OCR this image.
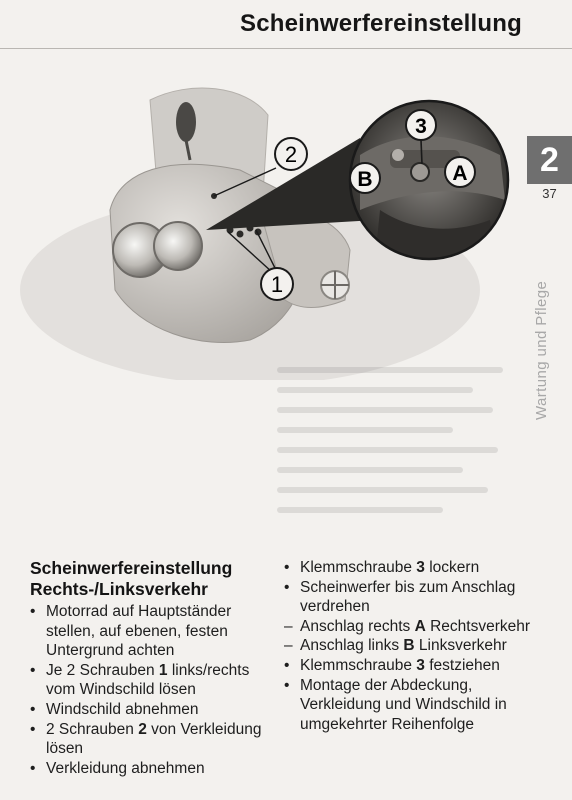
Scheinwerfereinstellung
2
1
3
A
B
2
37
Wartung und Pflege
Scheinwerfereinstellung
Rechts-/Linksverkehr
• Motorrad auf Hauptständer stellen, auf ebenen, festen Untergrund achten
• Je 2 Schrauben 1 links/rechts vom Windschild lösen
• Windschild abnehmen
• 2 Schrauben 2 von Verkleidung lösen
• Verkleidung abnehmen
• Klemmschraube 3 lockern
• Scheinwerfer bis zum Anschlag verdrehen
– Anschlag rechts A Rechtsverkehr
– Anschlag links B Linksverkehr
• Klemmschraube 3 festziehen
• Montage der Abdeckung, Verkleidung und Windschild in umgekehrter Reihenfolge
